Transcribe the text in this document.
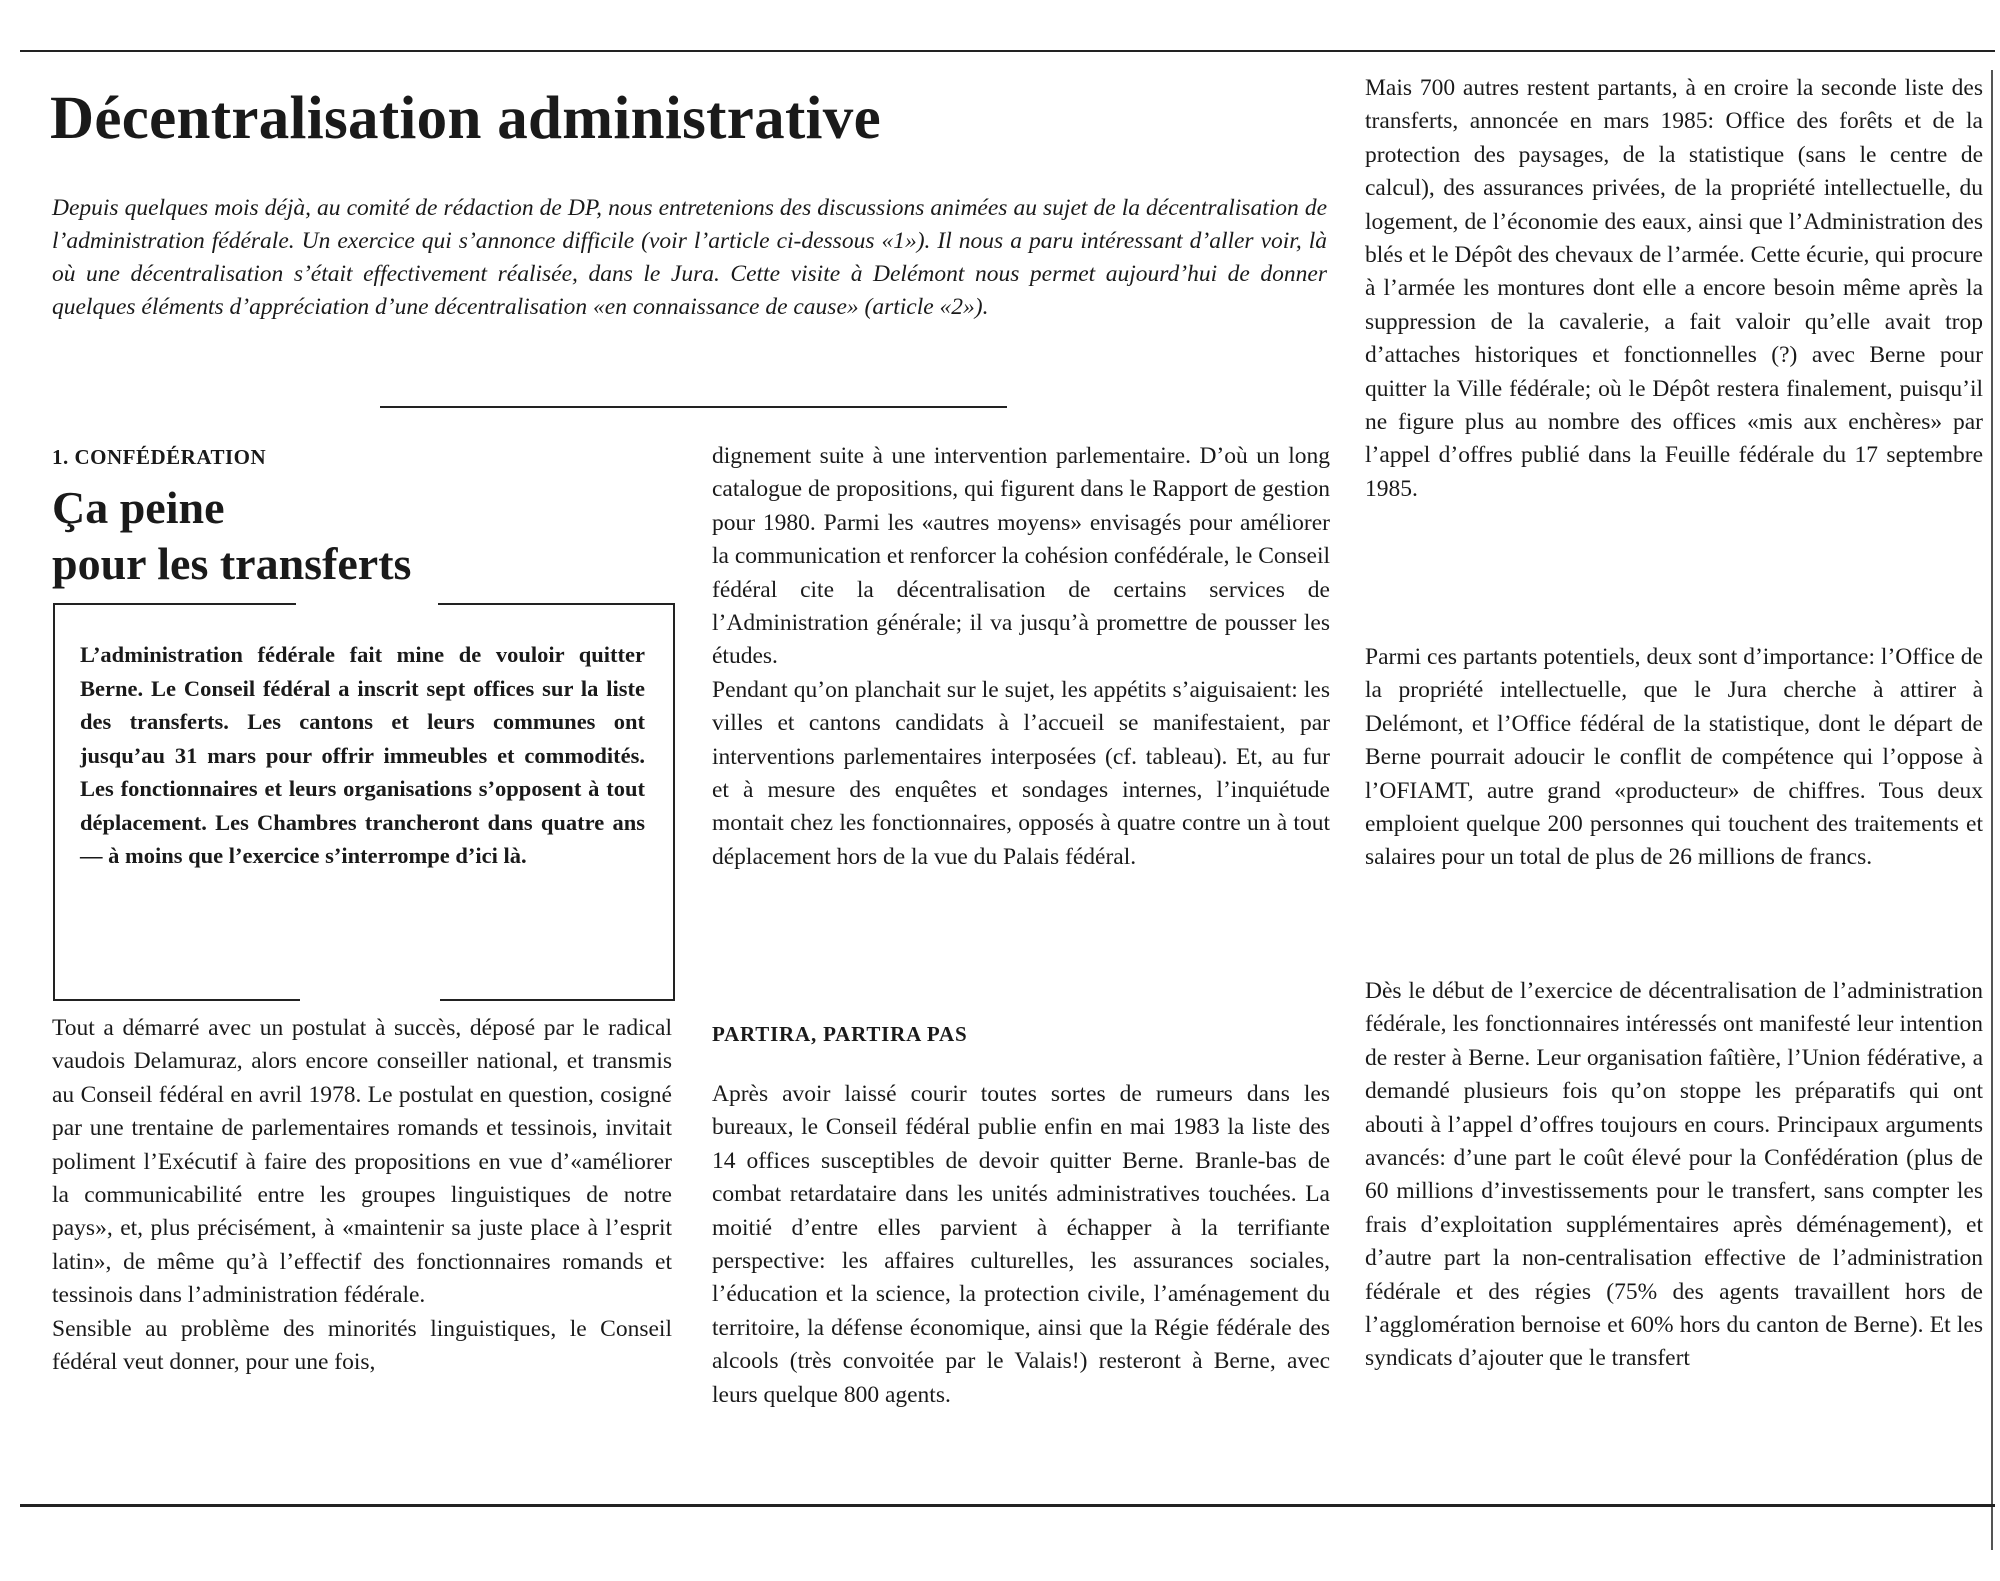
Décentralisation administrative

Depuis quelques mois déjà, au comité de rédaction de DP, nous entretenions des discussions animées au sujet de la décentralisation de l’administration fédérale. Un exercice qui s’annonce difficile (voir l’article ci-dessous «1»). Il nous a paru intéressant d’aller voir, là où une décentralisation s’était effectivement réalisée, dans le Jura. Cette visite à Delémont nous permet aujourd’hui de donner quelques éléments d’appréciation d’une décentralisation «en connaissance de cause» (article «2»).

1. CONFÉDÉRATION
Ça peine
pour les transferts

L’administration fédérale fait mine de vouloir quitter Berne. Le Conseil fédéral a inscrit sept offices sur la liste des transferts. Les cantons et leurs communes ont jusqu’au 31 mars pour offrir immeubles et commodités. Les fonctionnaires et leurs organisations s’opposent à tout déplacement. Les Chambres trancheront dans quatre ans — à moins que l’exercice s’interrompe d’ici là.

Tout a démarré avec un postulat à succès, déposé par le radical vaudois Delamuraz, alors encore conseiller national, et transmis au Conseil fédéral en avril 1978. Le postulat en question, cosigné par une trentaine de parlementaires romands et tessinois, invitait poliment l’Exécutif à faire des propositions en vue d’«améliorer la communicabilité entre les groupes linguistiques de notre pays», et, plus précisément, à «maintenir sa juste place à l’esprit latin», de même qu’à l’effectif des fonctionnaires romands et tessinois dans l’administration fédérale.

Sensible au problème des minorités linguistiques, le Conseil fédéral veut donner, pour une fois,

dignement suite à une intervention parlementaire. D’où un long catalogue de propositions, qui figurent dans le Rapport de gestion pour 1980. Parmi les «autres moyens» envisagés pour améliorer la communication et renforcer la cohésion confédérale, le Conseil fédéral cite la décentralisation de certains services de l’Administration générale; il va jusqu’à promettre de pousser les études.

Pendant qu’on planchait sur le sujet, les appétits s’aiguisaient: les villes et cantons candidats à l’accueil se manifestaient, par interventions parlementaires interposées (cf. tableau). Et, au fur et à mesure des enquêtes et sondages internes, l’inquiétude montait chez les fonctionnaires, opposés à quatre contre un à tout déplacement hors de la vue du Palais fédéral.

PARTIRA, PARTIRA PAS

Après avoir laissé courir toutes sortes de rumeurs dans les bureaux, le Conseil fédéral publie enfin en mai 1983 la liste des 14 offices susceptibles de devoir quitter Berne. Branle-bas de combat retardataire dans les unités administratives touchées. La moitié d’entre elles parvient à échapper à la terrifiante perspective: les affaires culturelles, les assurances sociales, l’éducation et la science, la protection civile, l’aménagement du territoire, la défense économique, ainsi que la Régie fédérale des alcools (très convoitée par le Valais!) resteront à Berne, avec leurs quelque 800 agents.

Mais 700 autres restent partants, à en croire la seconde liste des transferts, annoncée en mars 1985: Office des forêts et de la protection des paysages, de la statistique (sans le centre de calcul), des assurances privées, de la propriété intellectuelle, du logement, de l’économie des eaux, ainsi que l’Administration des blés et le Dépôt des chevaux de l’armée. Cette écurie, qui procure à l’armée les montures dont elle a encore besoin même après la suppression de la cavalerie, a fait valoir qu’elle avait trop d’attaches historiques et fonctionnelles (?) avec Berne pour quitter la Ville fédérale; où le Dépôt restera finalement, puisqu’il ne figure plus au nombre des offices «mis aux enchères» par l’appel d’offres publié dans la Feuille fédérale du 17 septembre 1985.

Parmi ces partants potentiels, deux sont d’importance: l’Office de la propriété intellectuelle, que le Jura cherche à attirer à Delémont, et l’Office fédéral de la statistique, dont le départ de Berne pourrait adoucir le conflit de compétence qui l’oppose à l’OFIAMT, autre grand «producteur» de chiffres. Tous deux emploient quelque 200 personnes qui touchent des traitements et salaires pour un total de plus de 26 millions de francs.

Dès le début de l’exercice de décentralisation de l’administration fédérale, les fonctionnaires intéressés ont manifesté leur intention de rester à Berne. Leur organisation faîtière, l’Union fédérative, a demandé plusieurs fois qu’on stoppe les préparatifs qui ont abouti à l’appel d’offres toujours en cours. Principaux arguments avancés: d’une part le coût élevé pour la Confédération (plus de 60 millions d’investissements pour le transfert, sans compter les frais d’exploitation supplémentaires après déménagement), et d’autre part la non-centralisation effective de l’administration fédérale et des régies (75% des agents travaillent hors de l’agglomération bernoise et 60% hors du canton de Berne). Et les syndicats d’ajouter que le transfert
